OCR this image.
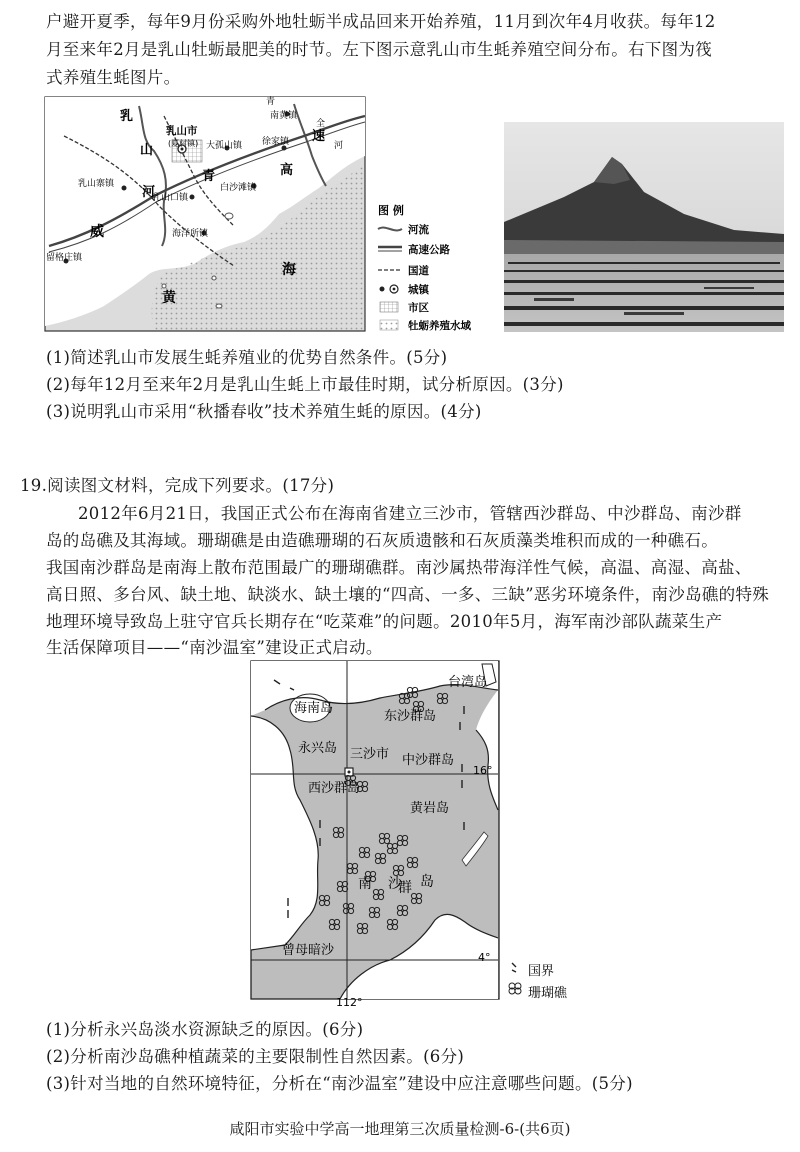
户避开夏季，每年9月份采购外地牡蛎半成品回来开始养殖，11月到次年4月收获。每年12
月至来年2月是乳山牡蛎最肥美的时节。左下图示意乳山市生蚝养殖空间分布。右下图为筏
式养殖生蚝图片。
乳
山
河
威
青	高
海
黄
速
全
河
青
乳山市
(夏村镇) 大孤山镇
南黄镇
徐家镇
白沙滩镇
乳山寨镇
乳山口镇
海洋所镇
留格庄镇
图 例
河流
高速公路
国道
城镇
市区
牡蛎养殖水域
(1)简述乳山市发展生蚝养殖业的优势自然条件。(5分)
(2)每年12月至来年2月是乳山生蚝上市最佳时期，试分析原因。(3分)
(3)说明乳山市采用“秋播春收”技术养殖生蚝的原因。(4分)
19.阅读图文材料，完成下列要求。(17分)
2012年6月21日，我国正式公布在海南省建立三沙市，管辖西沙群岛、中沙群岛、南沙群
岛的岛礁及其海域。珊瑚礁是由造礁珊瑚的石灰质遗骸和石灰质藻类堆积而成的一种礁石。
我国南沙群岛是南海上散布范围最广的珊瑚礁群。南沙属热带海洋性气候，高温、高湿、高盐、
高日照、多台风、缺土地、缺淡水、缺土壤的“四高、一多、三缺”恶劣环境条件，南沙岛礁的特殊
地理环境导致岛上驻守官兵长期存在“吃菜难”的问题。2010年5月，海军南沙部队蔬菜生产
生活保障项目——“南沙温室”建设正式启动。
台湾岛
海南岛
东沙群岛
永兴岛 三沙市 中沙群岛
西沙群岛
黄岩岛
南 沙
群 岛
曾母暗沙
16°
4°
112°
国界
珊瑚礁
(1)分析永兴岛淡水资源缺乏的原因。(6分)
(2)分析南沙岛礁种植蔬菜的主要限制性自然因素。(6分)
(3)针对当地的自然环境特征，分析在“南沙温室”建设中应注意哪些问题。(5分)
咸阳市实验中学高一地理第三次质量检测-6-(共6页)
